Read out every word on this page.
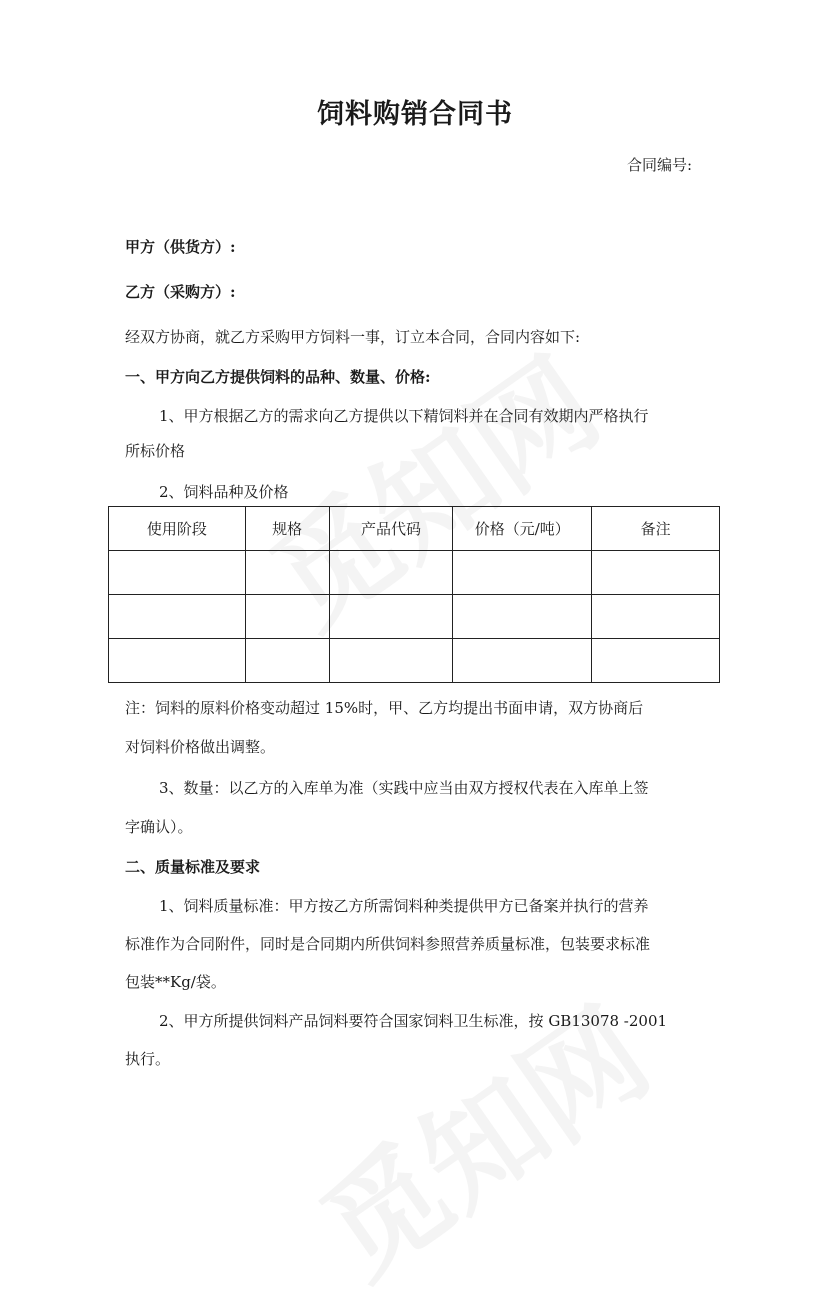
饲料购销合同书
合同编号:
甲方（供货方）:
乙方（采购方）:
经双方协商，就乙方采购甲方饲料一事，订立本合同，合同内容如下:
一、甲方向乙方提供饲料的品种、数量、价格:
1、甲方根据乙方的需求向乙方提供以下精饲料并在合同有效期内严格执行
所标价格
2、饲料品种及价格
使用阶段	规格	产品代码	价格（元/吨）	备注

注：饲料的原料价格变动超过 15%时，甲、乙方均提出书面申请，双方协商后
对饲料价格做出调整。
3、数量：以乙方的入库单为准（实践中应当由双方授权代表在入库单上签
字确认）。
二、质量标准及要求
1、饲料质量标准：甲方按乙方所需饲料种类提供甲方已备案并执行的营养
标准作为合同附件，同时是合同期内所供饲料参照营养质量标准，包装要求标准
包装**Kg/袋。
2、甲方所提供饲料产品饲料要符合国家饲料卫生标准，按 GB13078 -2001
执行。
